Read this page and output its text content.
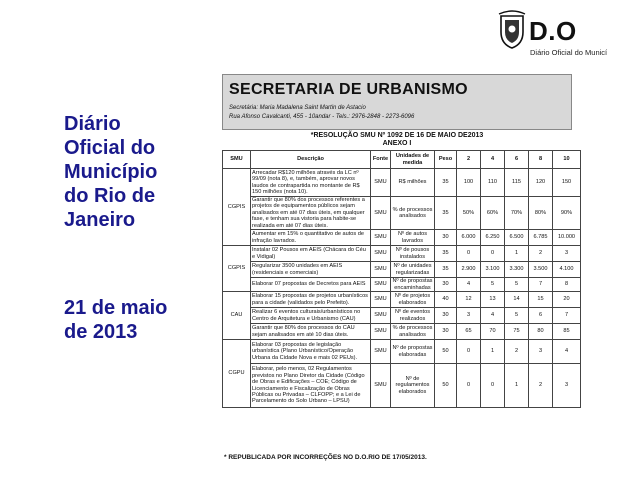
Diário
Oficial do
Município
do Rio de
Janeiro
21 de maio
de 2013
D.O
Diário Oficial do Municí
SECRETARIA DE URBANISMO
Secretária: Maria Madalena Saint Martin de Astacio
Rua Afonso Cavalcanti, 455 - 10andar - Tels.: 2976-2848 - 2273-6096
*RESOLUÇÃO SMU Nº 1092 DE 16 DE MAIO DE2013
ANEXO I
SMU	Descrição	Fonte	Unidades de medida	Peso	2	4	6	8	10
CGPIS	Arrecadar R$120 milhões através da LC nº 99/09 (nota 8), e, também, aprovar novos laudos de contrapartida no montante de R$ 150 milhões (nota 10).	SMU	R$ milhões	35	100	110	115	120	150
	Garantir que 80% dos processos referentes a projetos de equipamentos públicos sejam analisados em até 07 dias úteis, em qualquer fase, e tenham sua vistoria para habite-se realizada em até 07 dias úteis.	SMU	% de processos analisados	35	50%	60%	70%	80%	90%
	Aumentar em 15% o quantitativo de autos de infração lavrados.	SMU	Nº de autos lavrados	30	6.000	6.250	6.500	6.785	10.000
CGPIS	Instalar 02 Pousos em AEIS (Chácara do Céu e Vidigal)	SMU	Nº de pousos instalados	35	0	0	1	2	3
	Regularizar 3500 unidades em AEIS (residenciais e comerciais)	SMU	Nº de unidades regularizadas	35	2.900	3.100	3.300	3.500	4.100
	Elaborar 07 propostas de Decretos para AEIS	SMU	Nº de propostas encaminhadas	30	4	5	5	7	8
CAU	Elaborar 15 propostas de projetos urbanísticos para a cidade (validados pelo Prefeito).	SMU	Nº de projetos elaborados	40	12	13	14	15	20
	Realizar 6 eventos culturais/urbanísticos no Centro de Arquitetura e Urbanismo (CAU)	SMU	Nº de eventos realizados	30	3	4	5	6	7
	Garantir que 80% dos processos do CAU sejam analisados em até 10 dias úteis.	SMU	% de processos analisados	30	65	70	75	80	85
CGPU	Elaborar 03 propostas de legislação urbanística (Plano Urbanístico/Operação Urbana da Cidade Nova e mais 02 PEUs).	SMU	Nº de propostas elaboradas	50	0	1	2	3	4
	Elaborar, pelo menos, 02 Regulamentos previstos no Plano Diretor da Cidade (Código de Obras e Edificações – COE; Código de Licenciamento e Fiscalização de Obras Públicas ou Privadas – CLFOPP; e a Lei de Parcelamento do Solo Urbano – LPSU)	SMU	Nº de regulamentos elaborados	50	0	0	1	2	3
* REPUBLICADA POR INCORREÇÕES NO D.O.RIO DE 17/05/2013.
